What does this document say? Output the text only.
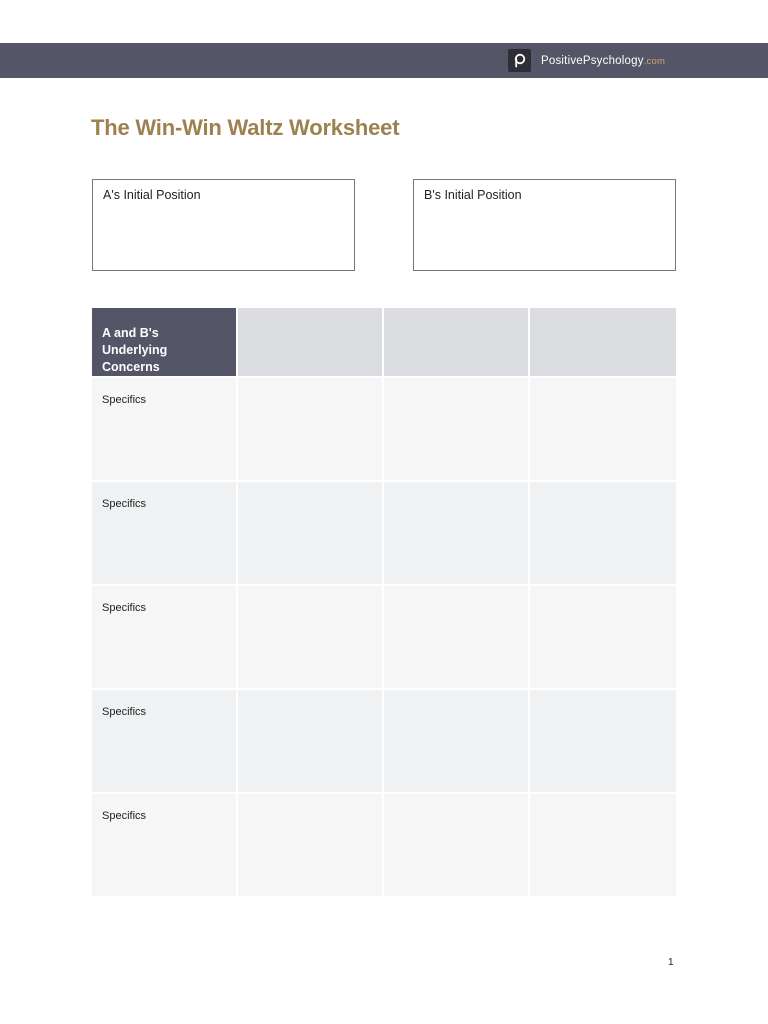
PositivePsychology.com
The Win-Win Waltz Worksheet
A's Initial Position	B's Initial Position
A and B's Underlying Concerns
Specifics
Specifics
Specifics
Specifics
Specifics
1
